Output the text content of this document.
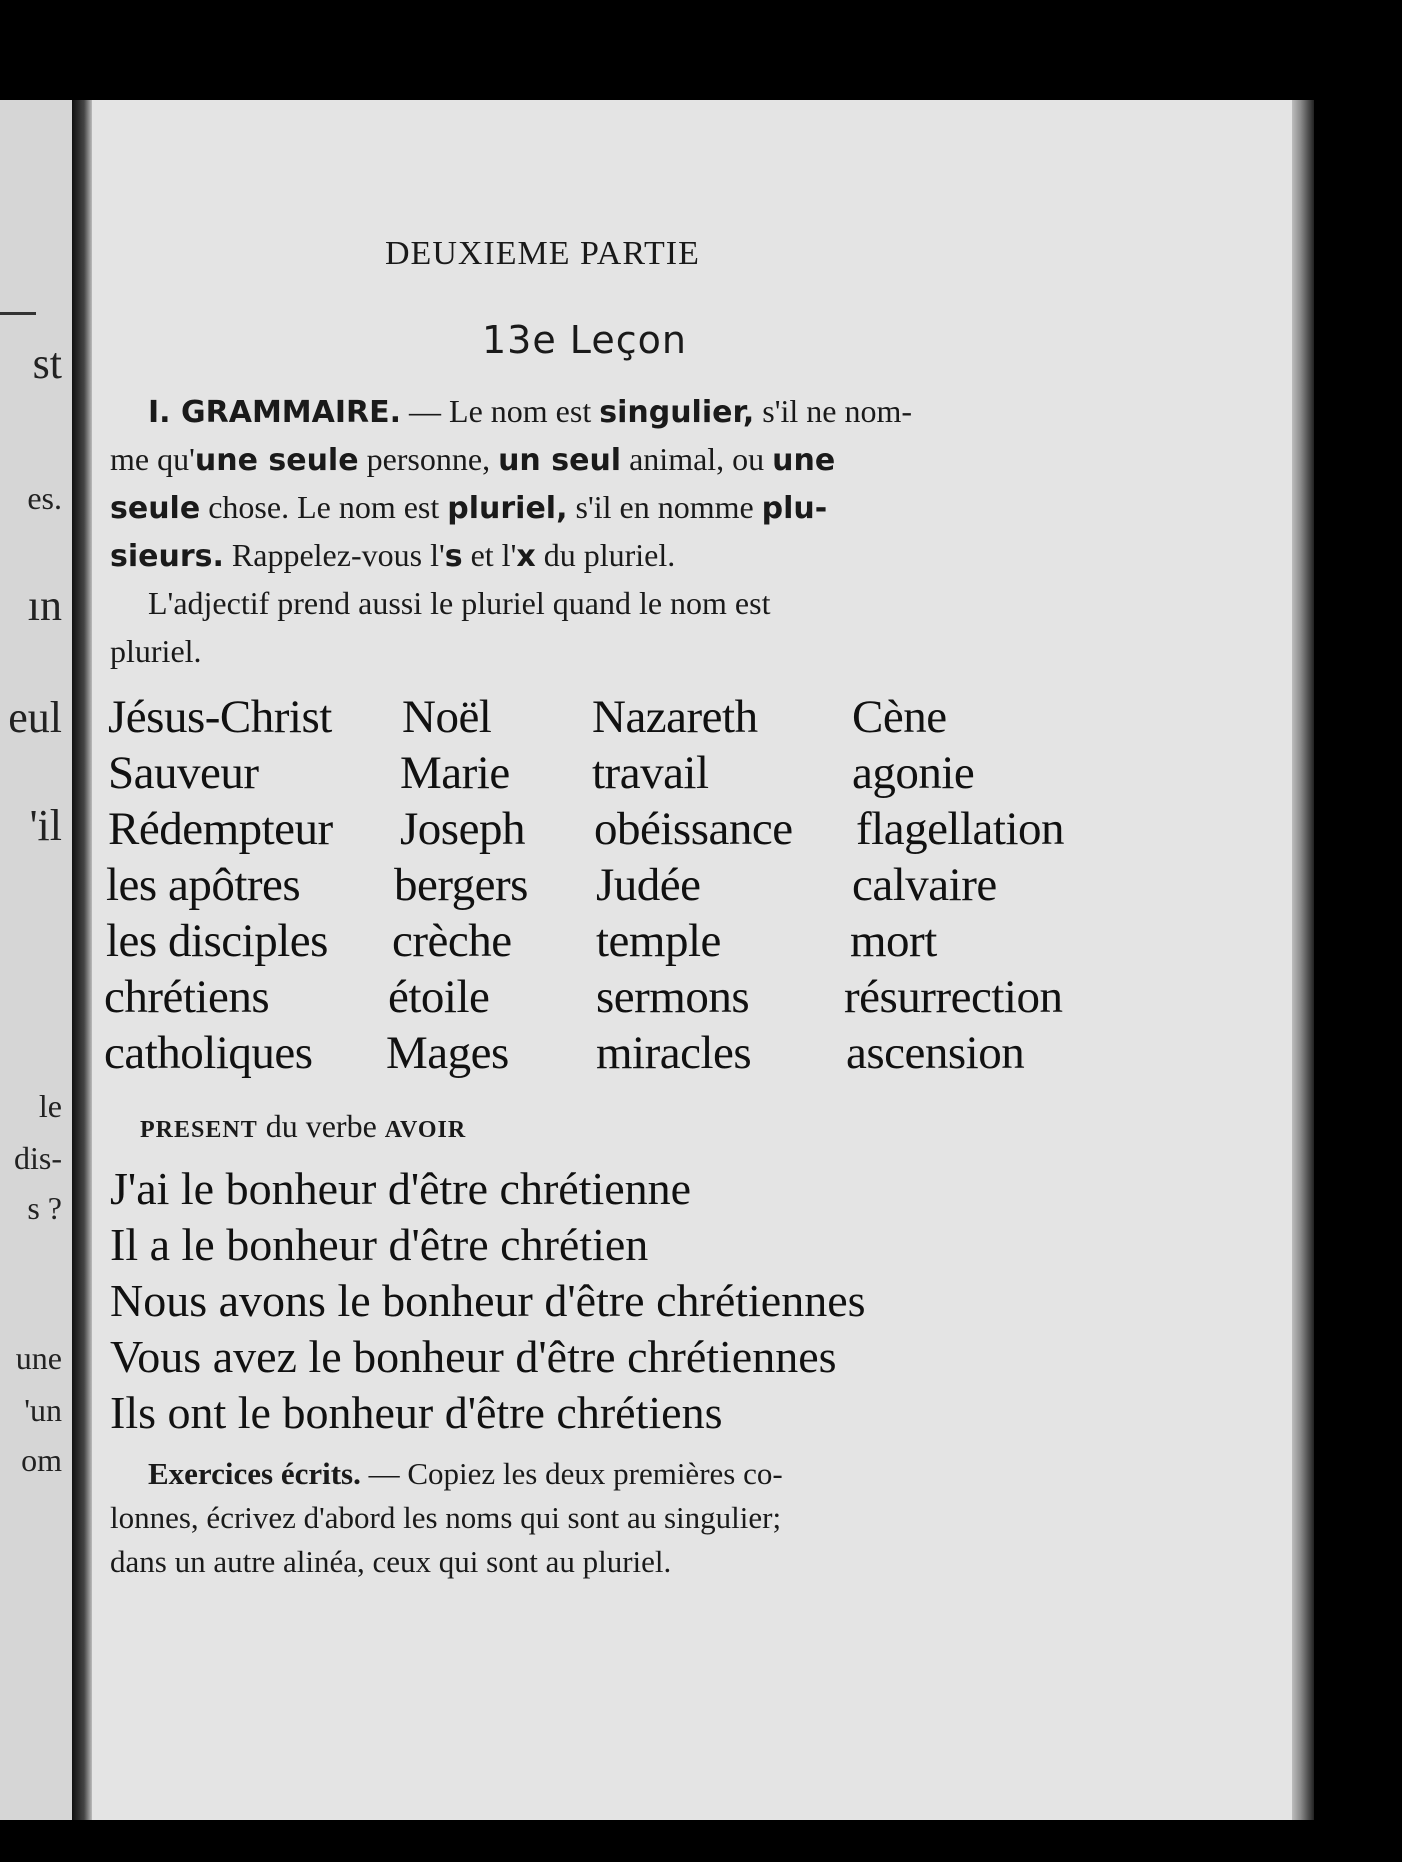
st
es.
ın
eul
'il
le
dis-
s ?
une
'un
om
DEUXIEME PARTIE
13e Leçon
I. GRAMMAIRE. — Le nom est singulier, s'il ne nom-
me qu'une seule personne, un seul animal, ou une
seule chose. Le nom est pluriel, s'il en nomme plu-
sieurs. Rappelez-vous l's et l'x du pluriel.
L'adjectif prend aussi le pluriel quand le nom est
pluriel.
Jésus-Christ
Sauveur
Rédempteur
les apôtres
les disciples
chrétiens
catholiques
Noël
Marie
Joseph
bergers
crèche
étoile
Mages
Nazareth
travail
obéissance
Judée
temple
sermons
miracles
Cène
agonie
flagellation
calvaire
mort
résurrection
ascension
PRESENT du verbe AVOIR
J'ai le bonheur d'être chrétienne
Il a le bonheur d'être chrétien
Nous avons le bonheur d'être chrétiennes
Vous avez le bonheur d'être chrétiennes
Ils ont le bonheur d'être chrétiens
Exercices écrits. — Copiez les deux premières co-
lonnes, écrivez d'abord les noms qui sont au singulier;
dans un autre alinéa, ceux qui sont au pluriel.
